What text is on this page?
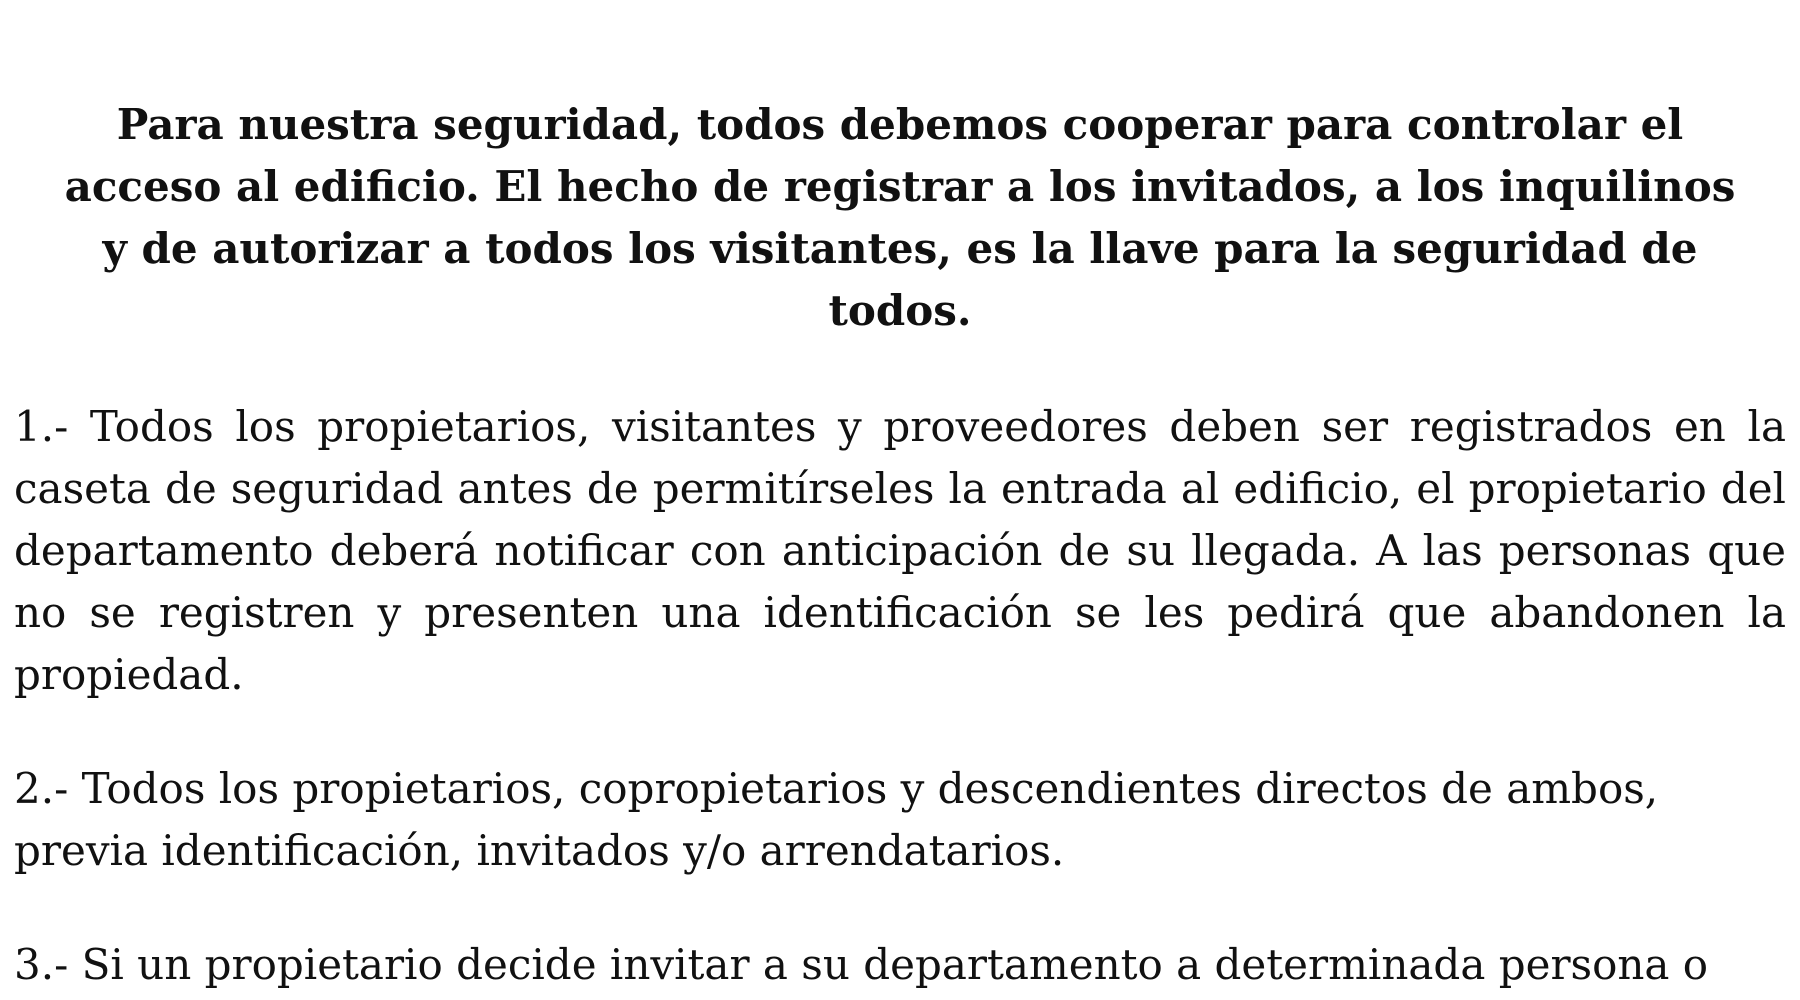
Para nuestra seguridad, todos debemos cooperar para controlar el acceso al edificio. El hecho de registrar a los invitados, a los inquilinos y de autorizar a todos los visitantes, es la llave para la seguridad de todos.

1.- Todos los propietarios, visitantes y proveedores deben ser registrados en la caseta de seguridad antes de permitírseles la entrada al edificio, el propietario del departamento deberá notificar con anticipación de su llegada. A las personas que no se registren y presenten una identificación se les pedirá que abandonen la propiedad.
2.- Todos los propietarios, copropietarios y descendientes directos de ambos, previa identificación, invitados y/o arrendatarios.
3.- Si un propietario decide invitar a su departamento a determinada persona o
